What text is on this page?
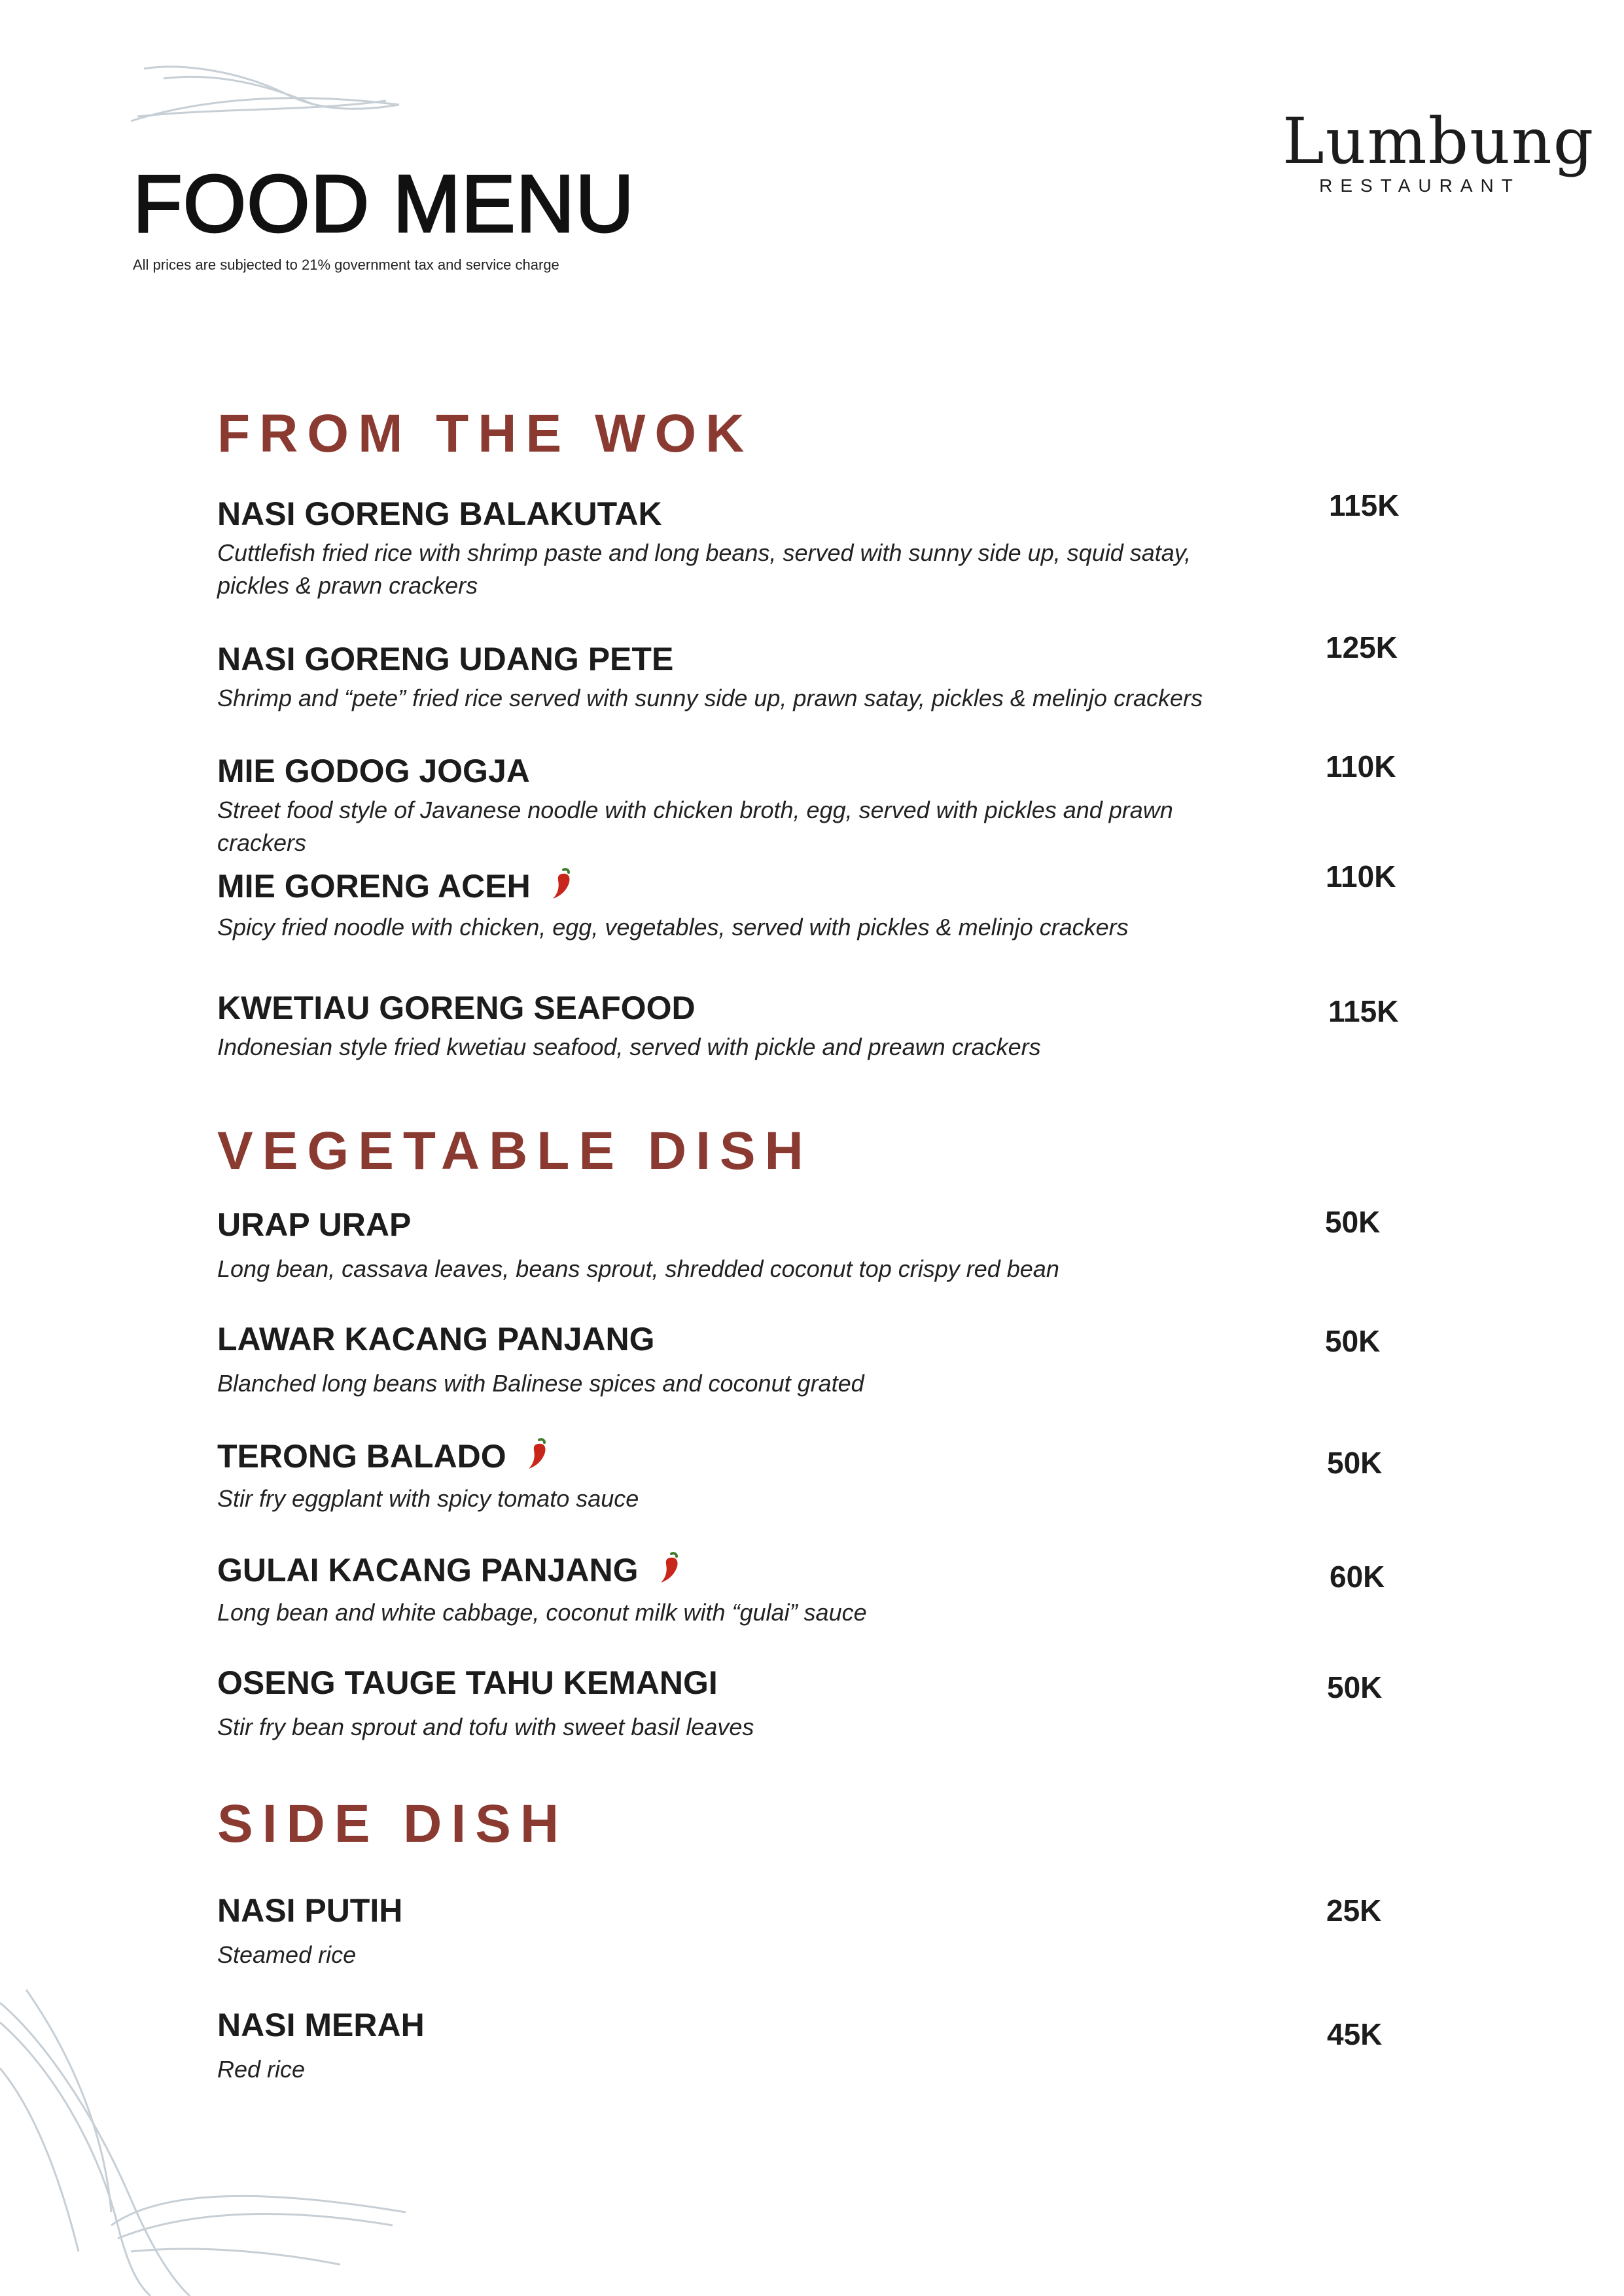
Lumbung
RESTAURANT
FOOD MENU
All prices are subjected to 21% government tax and service charge
FROM THE WOK
NASI GORENG BALAKUTAK
Cuttlefish fried rice with shrimp paste and long beans, served with sunny side up, squid satay, pickles & prawn crackers
115K
NASI GORENG UDANG PETE
Shrimp and “pete” fried rice served with sunny side up, prawn satay, pickles & melinjo crackers
125K
MIE GODOG JOGJA
Street food style of Javanese noodle with chicken broth, egg, served with pickles and prawn crackers
110K
MIE GORENG ACEH
Spicy fried noodle with chicken, egg, vegetables, served with pickles & melinjo crackers
110K
KWETIAU GORENG SEAFOOD
Indonesian style fried kwetiau seafood, served with pickle and preawn crackers
115K
VEGETABLE DISH
URAP URAP
Long bean, cassava leaves, beans sprout, shredded coconut top crispy red bean
50K
LAWAR KACANG PANJANG
Blanched long beans with Balinese spices and coconut grated
50K
TERONG BALADO
Stir fry eggplant with spicy tomato sauce
50K
GULAI KACANG PANJANG
Long bean and white cabbage, coconut milk with “gulai” sauce
60K
OSENG TAUGE TAHU KEMANGI
Stir fry bean sprout and tofu with sweet basil leaves
50K
SIDE DISH
NASI PUTIH
Steamed rice
25K
NASI MERAH
Red rice
45K
